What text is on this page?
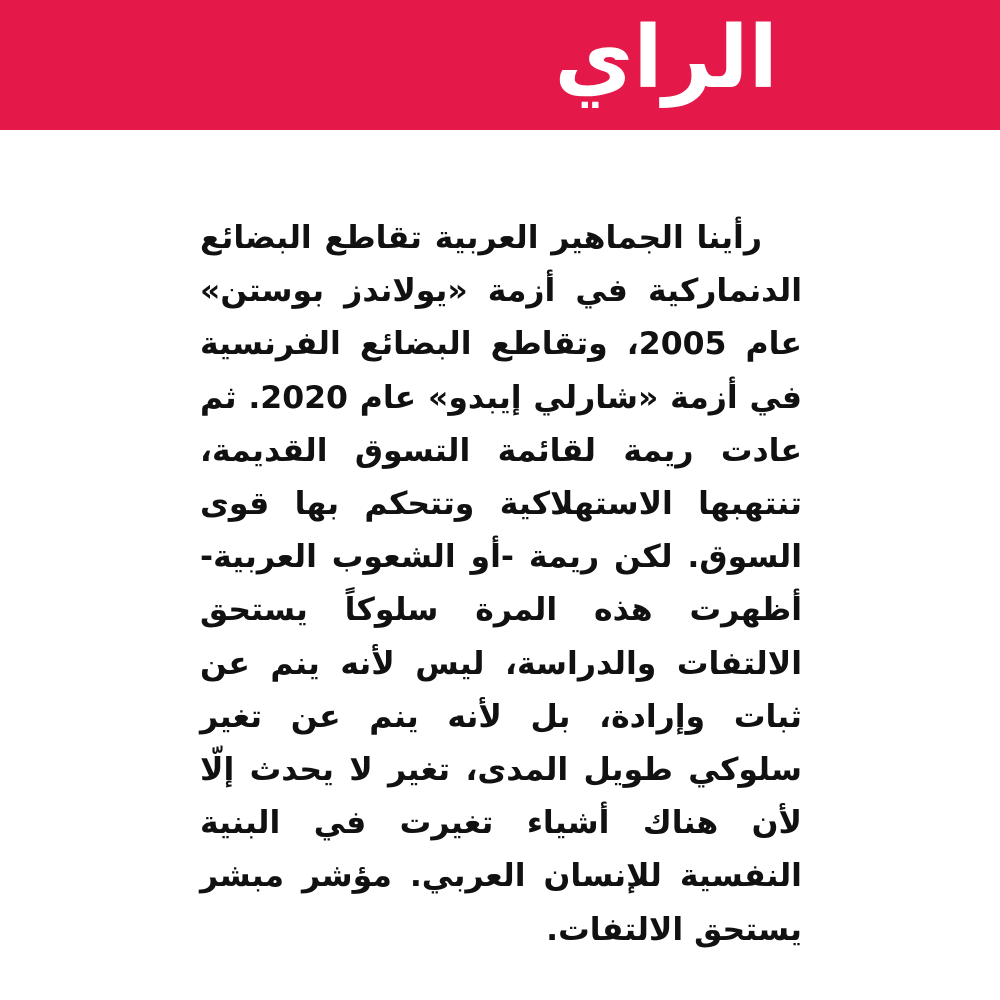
الراي

رأينا الجماهير العربية تقاطع البضائع الدنماركية في أزمة «يولاندز بوستن» عام 2005، وتقاطع البضائع الفرنسية في أزمة «شارلي إيبدو» عام 2020. ثم عادت ريمة لقائمة التسوق القديمة، تنتهبها الاستهلاكية وتتحكم بها قوى السوق. لكن ريمة -أو الشعوب العربية- أظهرت هذه المرة سلوكاً يستحق الالتفات والدراسة، ليس لأنه ينم عن ثبات وإرادة، بل لأنه ينم عن تغير سلوكي طويل المدى، تغير لا يحدث إلّا لأن هناك أشياء تغيرت في البنية النفسية للإنسان العربي. مؤشر مبشر يستحق الالتفات.
